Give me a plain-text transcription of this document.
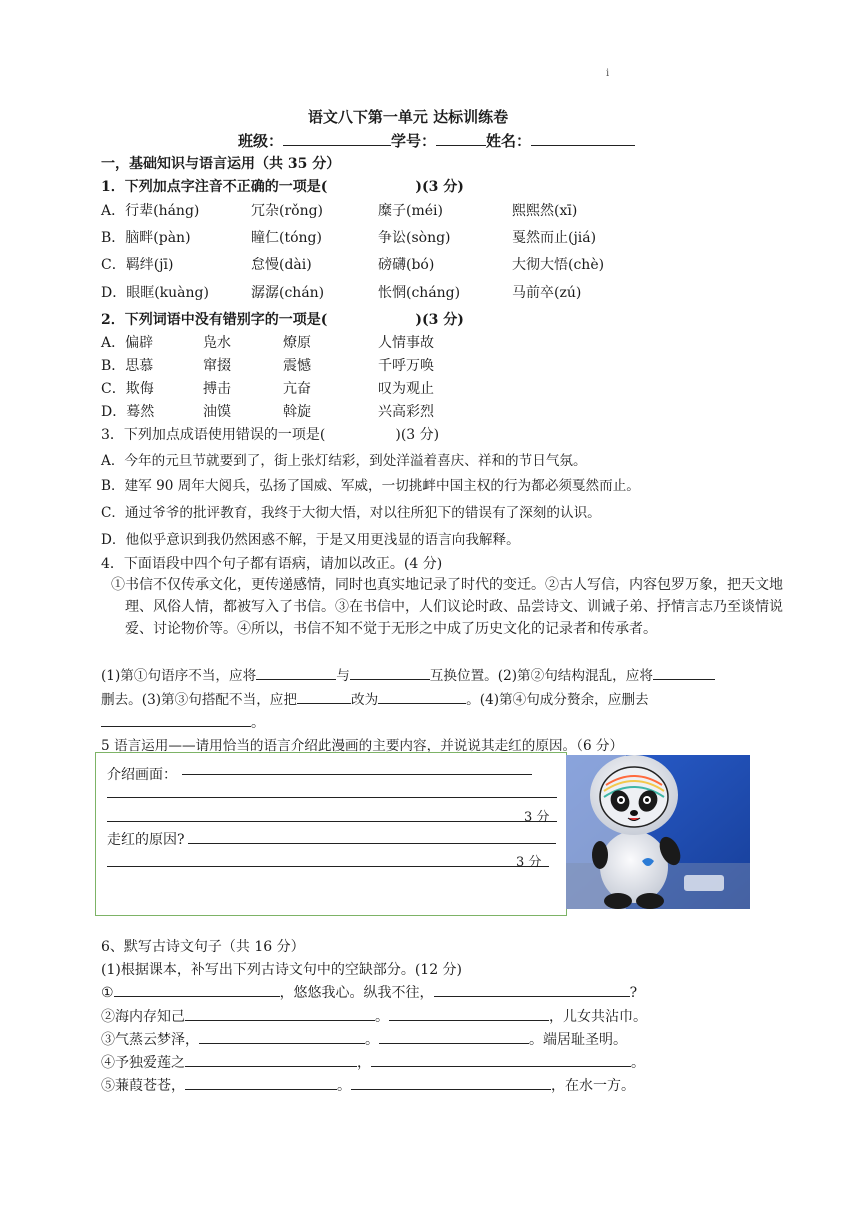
ⅰ
语文八下第一单元 达标训练卷
班级：	学号：	姓名：
一，基础知识与语言运用（共 35 分）
1．下列加点字注音不正确的一项是(	)(3 分)
A．行辈(háng)	冗杂(rǒng)	糜子(méi)	熙熙然(xī)
B．脑畔(pàn)	瞳仁(tóng)	争讼(sòng)	戛然而止(jiá)
C．羁绊(jī)	怠慢(dài)	磅礴(bó)	大彻大悟(chè)
D．眼眶(kuàng)	潺潺(chán)	怅惘(cháng)	马前卒(zú)
2．下列词语中没有错别字的一项是(	)(3 分)
A．偏辟	凫水	燎原	人情事故
B．思慕	窜掇	震憾	千呼万唤
C．欺侮	搏击	亢奋	叹为观止
D．蓦然	油馍	斡旋	兴高彩烈
3．下列加点成语使用错误的一项是(	)(3 分)
A．今年的元旦节就要到了，街上张灯结彩，到处洋溢着喜庆、祥和的节日气氛。
B．建军 90 周年大阅兵，弘扬了国威、军威，一切挑衅中国主权的行为都必须戛然而止。
C．通过爷爷的批评教育，我终于大彻大悟，对以往所犯下的错误有了深刻的认识。
D．他似乎意识到我仍然困惑不解，于是又用更浅显的语言向我解释。
4．下面语段中四个句子都有语病，请加以改正。(4 分)
①书信不仅传承文化，更传递感情，同时也真实地记录了时代的变迁。②古人写信，内容包罗万象，把天文地理、风俗人情，都被写入了书信。③在书信中，人们议论时政、品尝诗文、训诫子弟、抒情言志乃至谈情说爱、讨论物价等。④所以，书信不知不觉于无形之中成了历史文化的记录者和传承者。
(1)第①句语序不当，应将	与	互换位置。(2)第②句结构混乱，应将
删去。(3)第③句搭配不当，应把	改为	。(4)第④句成分赘余，应删去
。
5 语言运用——请用恰当的语言介绍此漫画的主要内容，并说说其走红的原因。（6 分）
介绍画面：
3 分
走红的原因?
3 分
6、默写古诗文句子（共 16 分）
(1)根据课本，补写出下列古诗文句中的空缺部分。(12 分)
①	，悠悠我心。纵我不往，	?
②海内存知己	。	，儿女共沾巾。
③气蒸云梦泽，	。	。端居耻圣明。
④予独爱莲之	，	。
⑤蒹葭苍苍，	。	，在水一方。
